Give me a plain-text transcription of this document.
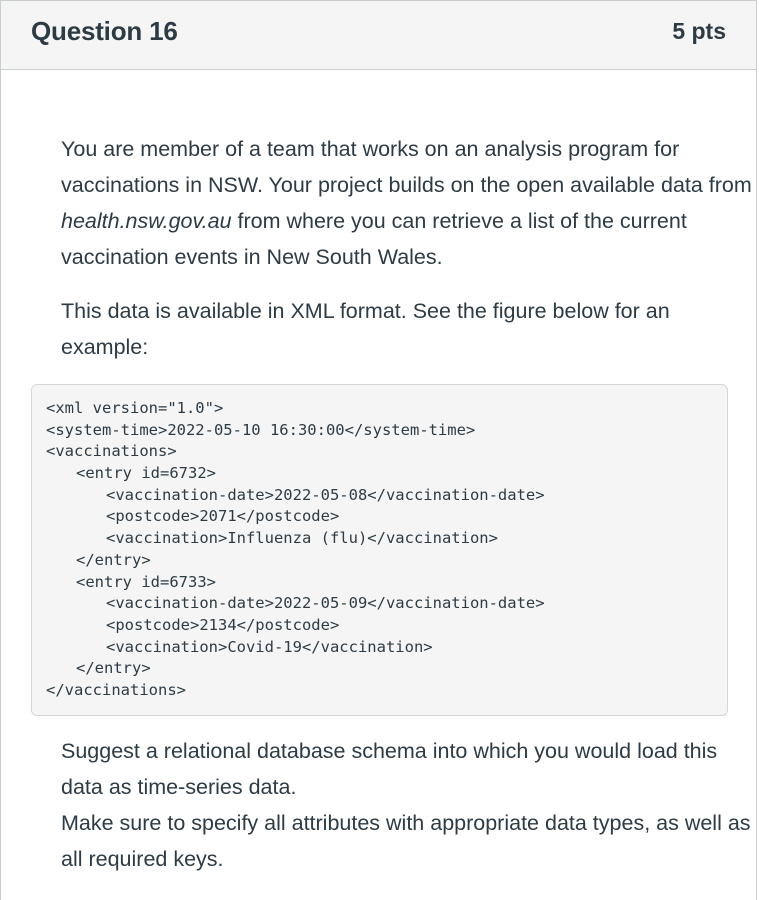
Question 16	5 pts

You are member of a team that works on an analysis program for vaccinations in NSW. Your project builds on the open available data from health.nsw.gov.au from where you can retrieve a list of the current vaccination events in New South Wales.

This data is available in XML format. See the figure below for an example:

<xml version="1.0">
<system-time>2022-05-10 16:30:00</system-time>
<vaccinations>
<entry id=6732>
<vaccination-date>2022-05-08</vaccination-date>
<postcode>2071</postcode>
<vaccination>Influenza (flu)</vaccination>
</entry>
<entry id=6733>
<vaccination-date>2022-05-09</vaccination-date>
<postcode>2134</postcode>
<vaccination>Covid-19</vaccination>
</entry>
</vaccinations>

Suggest a relational database schema into which you would load this data as time-series data.
Make sure to specify all attributes with appropriate data types, as well as all required keys.
